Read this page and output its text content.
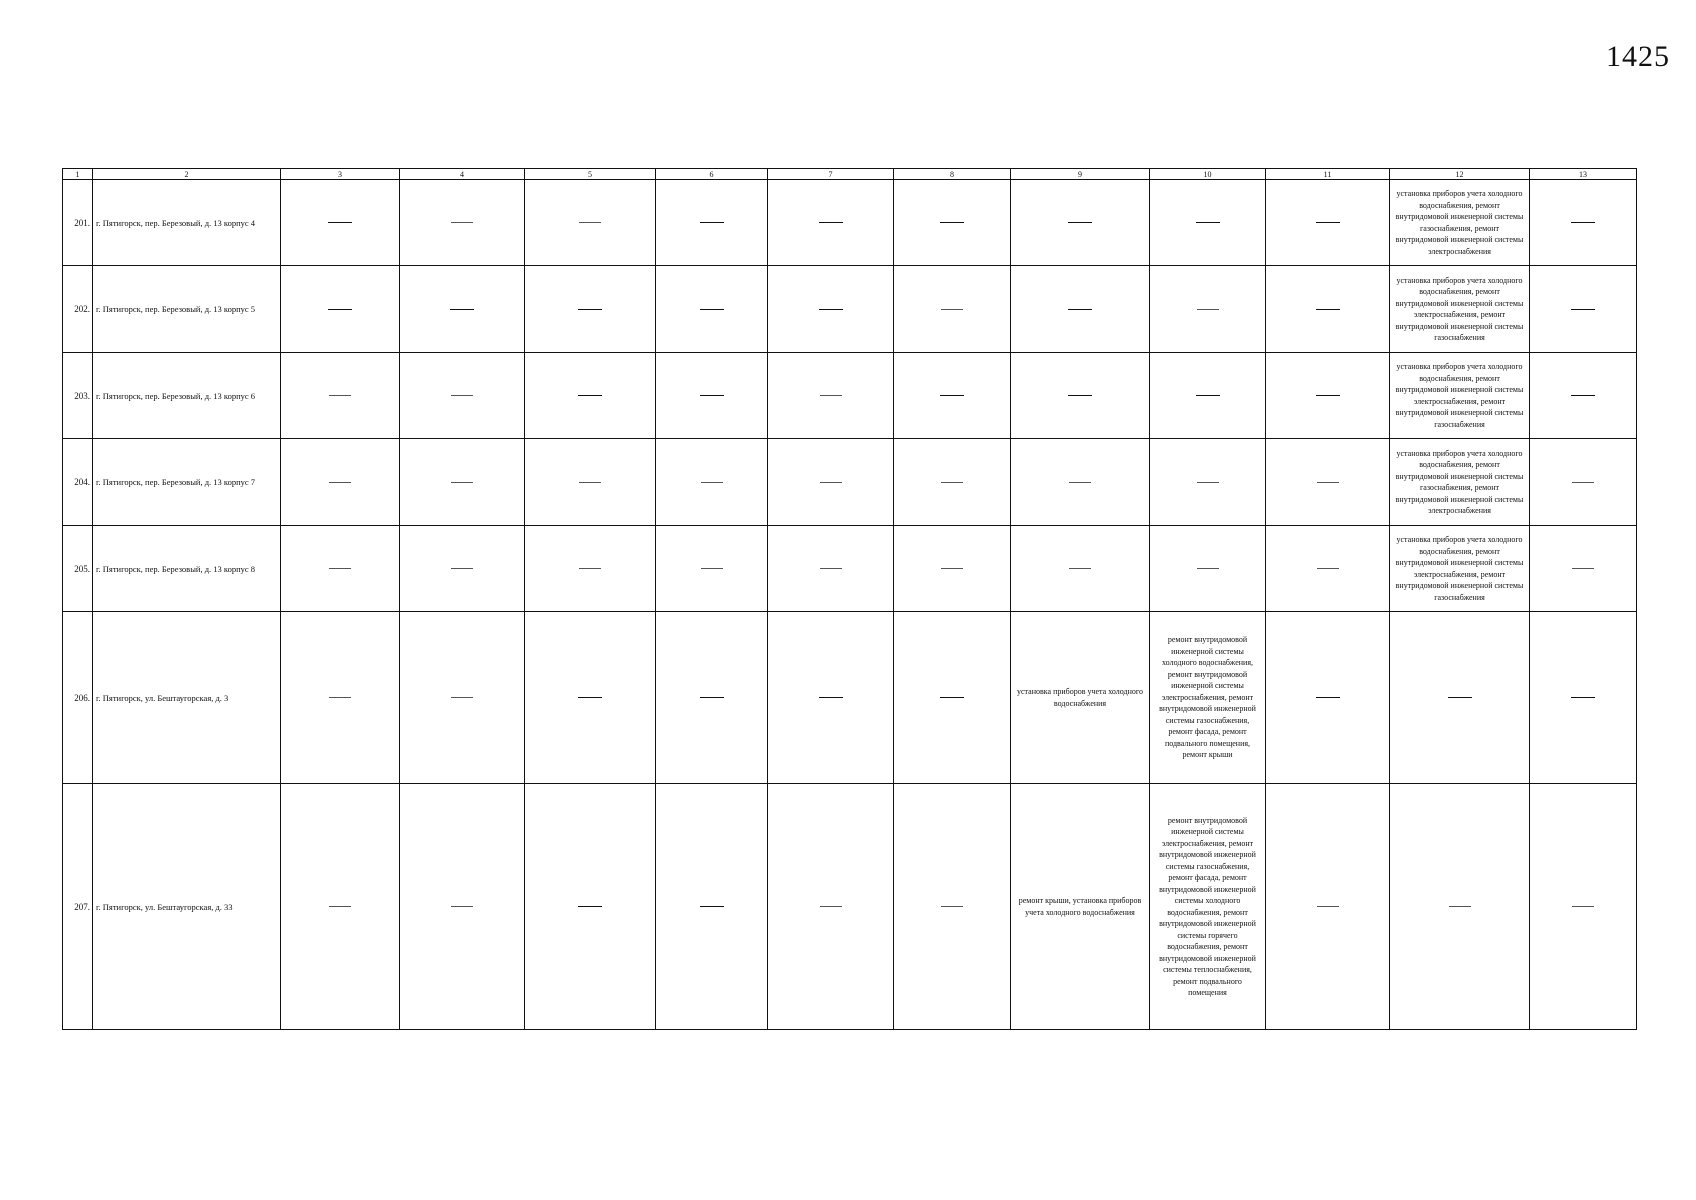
1425
1	2	3	4	5	6	7	8	9	10	11	12	13
201.	г. Пятигорск, пер. Березовый, д. 13 корпус 4										установка приборов учета холодного водоснабжения, ремонт внутридомовой инженерной системы газоснабжения, ремонт внутридомовой инженерной системы электроснабжения	
202.	г. Пятигорск, пер. Березовый, д. 13 корпус 5										установка приборов учета холодного водоснабжения, ремонт внутридомовой инженерной системы электроснабжения, ремонт внутридомовой инженерной системы газоснабжения	
203.	г. Пятигорск, пер. Березовый, д. 13 корпус 6										установка приборов учета холодного водоснабжения, ремонт внутридомовой инженерной системы электроснабжения, ремонт внутридомовой инженерной системы газоснабжения	
204.	г. Пятигорск, пер. Березовый, д. 13 корпус 7										установка приборов учета холодного водоснабжения, ремонт внутридомовой инженерной системы газоснабжения, ремонт внутридомовой инженерной системы электроснабжения	
205.	г. Пятигорск, пер. Березовый, д. 13 корпус 8										установка приборов учета холодного водоснабжения, ремонт внутридомовой инженерной системы электроснабжения, ремонт внутридомовой инженерной системы газоснабжения	
206.	г. Пятигорск, ул. Бештаугорская, д. 3							установка приборов учета холодного водоснабжения	ремонт внутридомовой инженерной системы холодного водоснабжения, ремонт внутридомовой инженерной системы электроснабжения, ремонт внутридомовой инженерной системы газоснабжения, ремонт фасада, ремонт подвального помещения, ремонт крыши			
207.	г. Пятигорск, ул. Бештаугорская, д. 33							ремонт крыши, установка приборов учета холодного водоснабжения	ремонт внутридомовой инженерной системы электроснабжения, ремонт внутридомовой инженерной системы газоснабжения, ремонт фасада, ремонт внутридомовой инженерной системы холодного водоснабжения, ремонт внутридомовой инженерной системы горячего водоснабжения, ремонт внутридомовой инженерной системы теплоснабжения, ремонт подвального помещения			
